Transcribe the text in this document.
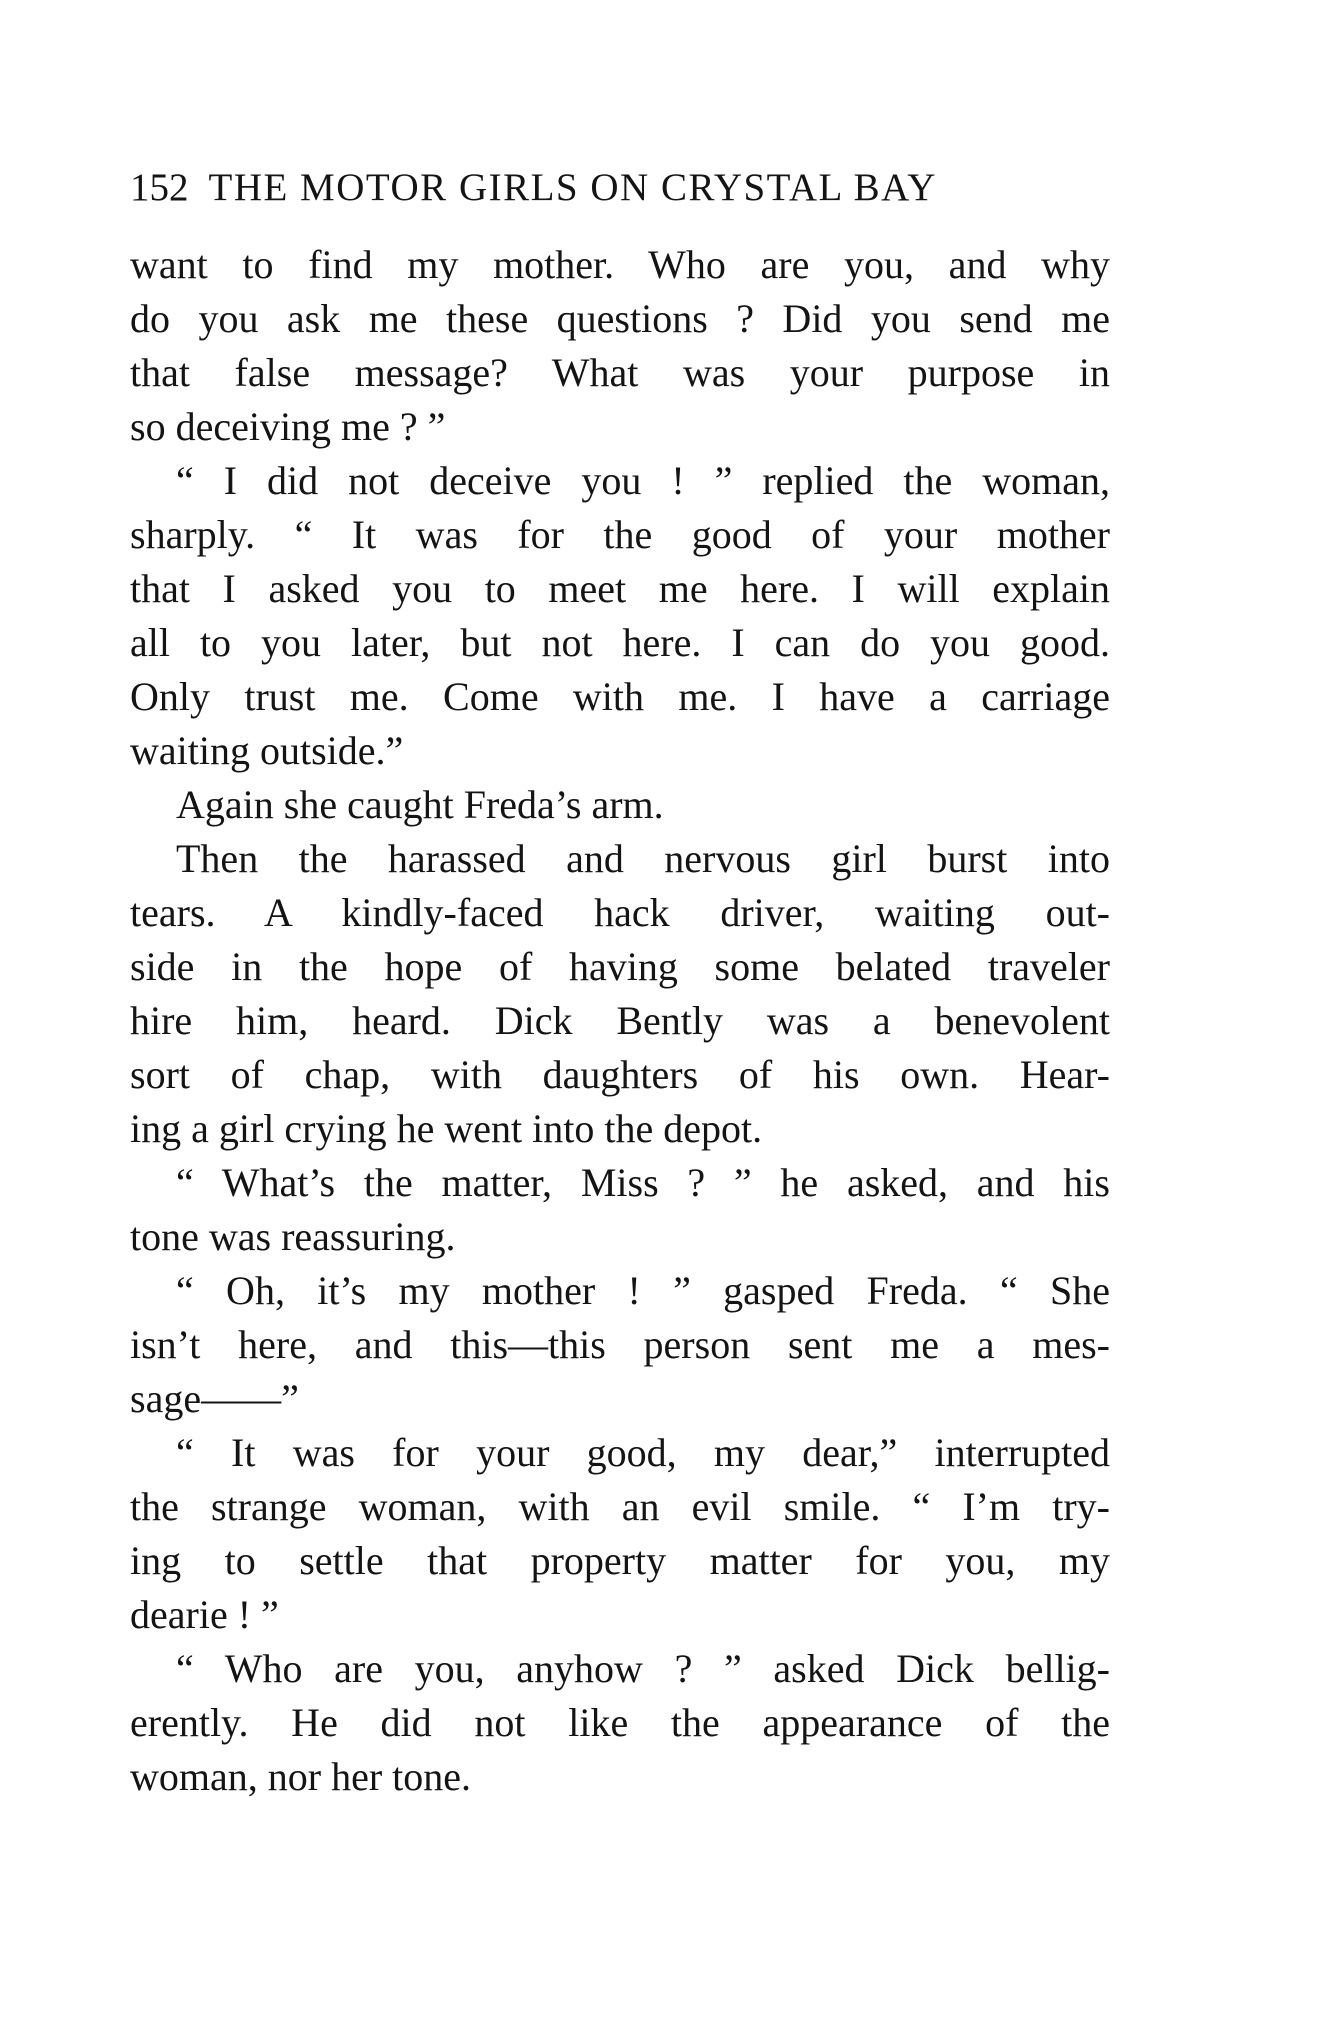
152 THE MOTOR GIRLS ON CRYSTAL BAY
want to find my mother. Who are you, and why
do you ask me these questions ? Did you send me
that false message? What was your purpose in
so deceiving me ? ”
“ I did not deceive you ! ” replied the woman,
sharply. “ It was for the good of your mother
that I asked you to meet me here. I will explain
all to you later, but not here. I can do you good.
Only trust me. Come with me. I have a carriage
waiting outside.”
Again she caught Freda’s arm.
Then the harassed and nervous girl burst into
tears. A kindly-faced hack driver, waiting out-
side in the hope of having some belated traveler
hire him, heard. Dick Bently was a benevolent
sort of chap, with daughters of his own. Hear-
ing a girl crying he went into the depot.
“ What’s the matter, Miss ? ” he asked, and his
tone was reassuring.
“ Oh, it’s my mother ! ” gasped Freda. “ She
isn’t here, and this—this person sent me a mes-
sage——”
“ It was for your good, my dear,” interrupted
the strange woman, with an evil smile. “ I’m try-
ing to settle that property matter for you, my
dearie ! ”
“ Who are you, anyhow ? ” asked Dick bellig-
erently. He did not like the appearance of the
woman, nor her tone.
